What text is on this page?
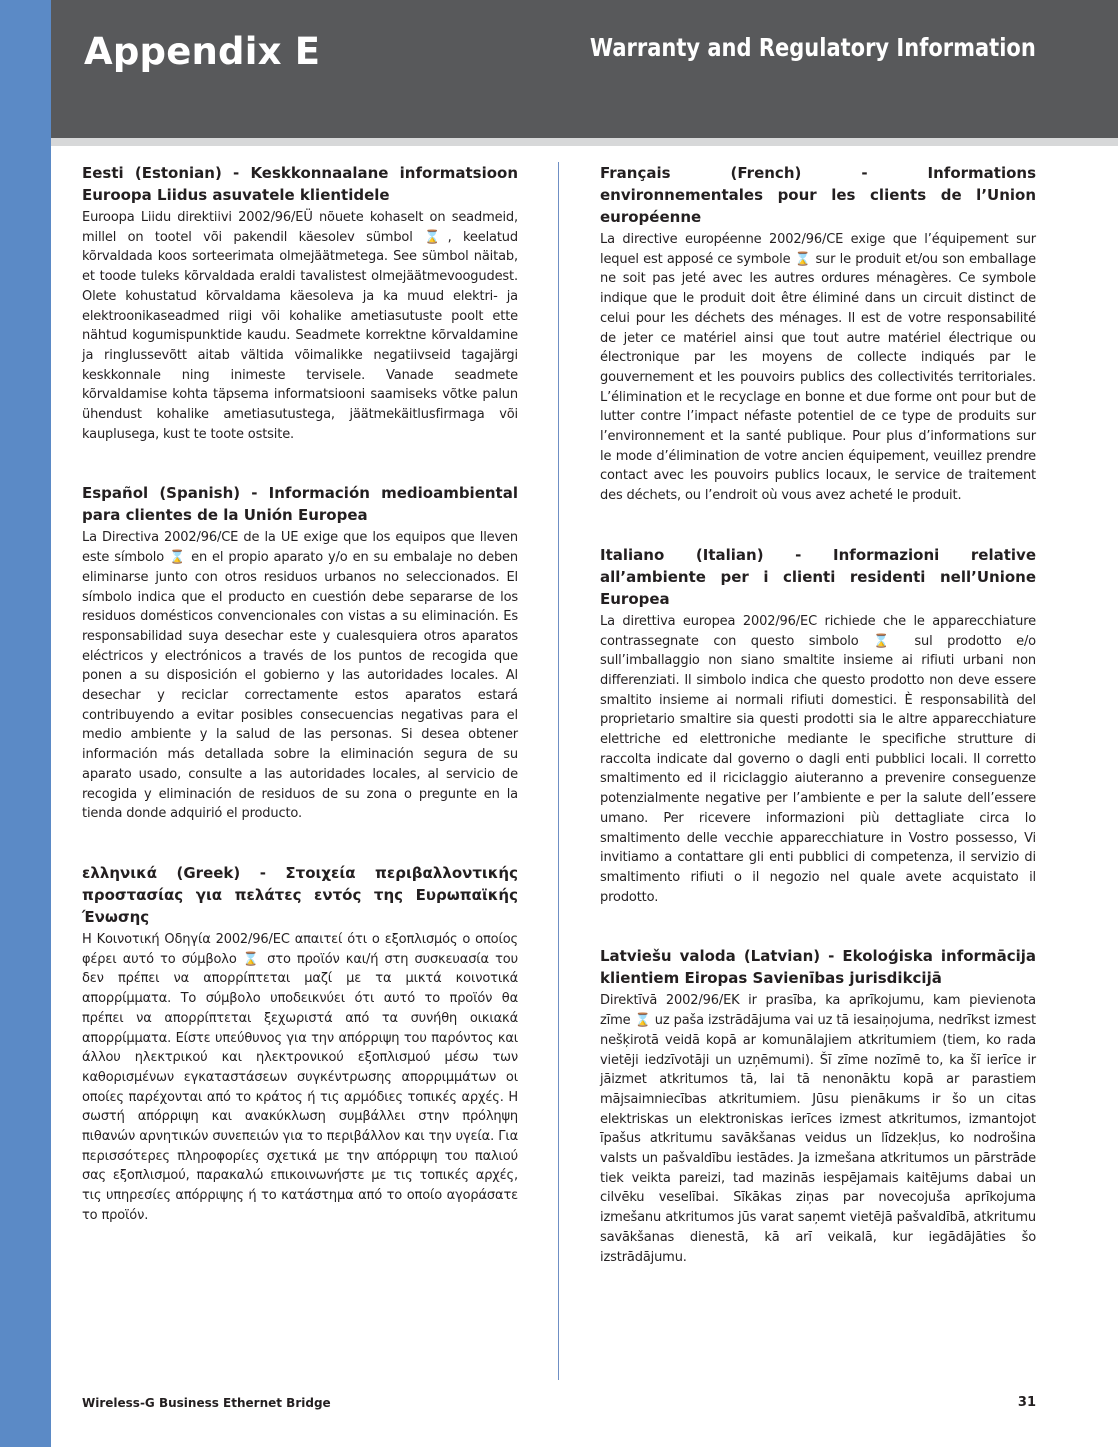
Appendix E	Warranty and Regulatory Information
Eesti (Estonian) - Keskkonnaalane informatsioon Euroopa Liidus asuvatele klientidele

Euroopa Liidu direktiivi 2002/96/EÜ nõuete kohaselt on seadmeid, millel on tootel või pakendil käesolev sümbol ⌛, keelatud kõrvaldada koos sorteerimata olmejäätmetega. See sümbol näitab, et toode tuleks kõrvaldada eraldi tavalistest olmejäätmevoogudest. Olete kohustatud kõrvaldama käesoleva ja ka muud elektri- ja elektroonikaseadmed riigi või kohalike ametiasutuste poolt ette nähtud kogumispunktide kaudu. Seadmete korrektne kõrvaldamine ja ringlussevõtt aitab vältida võimalikke negatiivseid tagajärgi keskkonnale ning inimeste tervisele. Vanade seadmete kõrvaldamise kohta täpsema informatsiooni saamiseks võtke palun ühendust kohalike ametiasutustega, jäätmekäitlusfirmaga või kauplusega, kust te toote ostsite.

Español (Spanish) - Información medioambiental para clientes de la Unión Europea

La Directiva 2002/96/CE de la UE exige que los equipos que lleven este símbolo ⌛ en el propio aparato y/o en su embalaje no deben eliminarse junto con otros residuos urbanos no seleccionados. El símbolo indica que el producto en cuestión debe separarse de los residuos domésticos convencionales con vistas a su eliminación. Es responsabilidad suya desechar este y cualesquiera otros aparatos eléctricos y electrónicos a través de los puntos de recogida que ponen a su disposición el gobierno y las autoridades locales. Al desechar y reciclar correctamente estos aparatos estará contribuyendo a evitar posibles consecuencias negativas para el medio ambiente y la salud de las personas. Si desea obtener información más detallada sobre la eliminación segura de su aparato usado, consulte a las autoridades locales, al servicio de recogida y eliminación de residuos de su zona o pregunte en la tienda donde adquirió el producto.

ελληνικά (Greek) - Στοιχεία περιβαλλοντικής προστασίας για πελάτες εντός της Ευρωπαϊκής Ένωσης

Η Κοινοτική Οδηγία 2002/96/EC απαιτεί ότι ο εξοπλισμός ο οποίος φέρει αυτό το σύμβολο ⌛ στο προϊόν και/ή στη συσκευασία του δεν πρέπει να απορρίπτεται μαζί με τα μικτά κοινοτικά απορρίμματα. Το σύμβολο υποδεικνύει ότι αυτό το προϊόν θα πρέπει να απορρίπτεται ξεχωριστά από τα συνήθη οικιακά απορρίμματα. Είστε υπεύθυνος για την απόρριψη του παρόντος και άλλου ηλεκτρικού και ηλεκτρονικού εξοπλισμού μέσω των καθορισμένων εγκαταστάσεων συγκέντρωσης απορριμμάτων οι οποίες παρέχονται από το κράτος ή τις αρμόδιες τοπικές αρχές. Η σωστή απόρριψη και ανακύκλωση συμβάλλει στην πρόληψη πιθανών αρνητικών συνεπειών για το περιβάλλον και την υγεία. Για περισσότερες πληροφορίες σχετικά με την απόρριψη του παλιού σας εξοπλισμού, παρακαλώ επικοινωνήστε με τις τοπικές αρχές, τις υπηρεσίες απόρριψης ή το κατάστημα από το οποίο αγοράσατε το προϊόν.

Français (French) - Informations environnementales pour les clients de l’Union européenne

La directive européenne 2002/96/CE exige que l’équipement sur lequel est apposé ce symbole ⌛ sur le produit et/ou son emballage ne soit pas jeté avec les autres ordures ménagères. Ce symbole indique que le produit doit être éliminé dans un circuit distinct de celui pour les déchets des ménages. Il est de votre responsabilité de jeter ce matériel ainsi que tout autre matériel électrique ou électronique par les moyens de collecte indiqués par le gouvernement et les pouvoirs publics des collectivités territoriales. L’élimination et le recyclage en bonne et due forme ont pour but de lutter contre l’impact néfaste potentiel de ce type de produits sur l’environnement et la santé publique. Pour plus d’informations sur le mode d’élimination de votre ancien équipement, veuillez prendre contact avec les pouvoirs publics locaux, le service de traitement des déchets, ou l’endroit où vous avez acheté le produit.

Italiano (Italian) - Informazioni relative all’ambiente per i clienti residenti nell’Unione Europea

La direttiva europea 2002/96/EC richiede che le apparecchiature contrassegnate con questo simbolo ⌛ sul prodotto e/o sull’imballaggio non siano smaltite insieme ai rifiuti urbani non differenziati. Il simbolo indica che questo prodotto non deve essere smaltito insieme ai normali rifiuti domestici. È responsabilità del proprietario smaltire sia questi prodotti sia le altre apparecchiature elettriche ed elettroniche mediante le specifiche strutture di raccolta indicate dal governo o dagli enti pubblici locali. Il corretto smaltimento ed il riciclaggio aiuteranno a prevenire conseguenze potenzialmente negative per l’ambiente e per la salute dell’essere umano. Per ricevere informazioni più dettagliate circa lo smaltimento delle vecchie apparecchiature in Vostro possesso, Vi invitiamo a contattare gli enti pubblici di competenza, il servizio di smaltimento rifiuti o il negozio nel quale avete acquistato il prodotto.

Latviešu valoda (Latvian) - Ekoloģiska informācija klientiem Eiropas Savienības jurisdikcijā

Direktīvā 2002/96/EK ir prasība, ka aprīkojumu, kam pievienota zīme ⌛ uz paša izstrādājuma vai uz tā iesaiņojuma, nedrīkst izmest nešķirotā veidā kopā ar komunālajiem atkritumiem (tiem, ko rada vietēji iedzīvotāji un uzņēmumi). Šī zīme nozīmē to, ka šī ierīce ir jāizmet atkritumos tā, lai tā nenonāktu kopā ar parastiem mājsaimniecības atkritumiem. Jūsu pienākums ir šo un citas elektriskas un elektroniskas ierīces izmest atkritumos, izmantojot īpašus atkritumu savākšanas veidus un līdzekļus, ko nodrošina valsts un pašvaldību iestādes. Ja izmešana atkritumos un pārstrāde tiek veikta pareizi, tad mazinās iespējamais kaitējums dabai un cilvēku veselībai. Sīkākas ziņas par novecojuša aprīkojuma izmešanu atkritumos jūs varat saņemt vietējā pašvaldībā, atkritumu savākšanas dienestā, kā arī veikalā, kur iegādājāties šo izstrādājumu.

Wireless-G Business Ethernet Bridge	31
